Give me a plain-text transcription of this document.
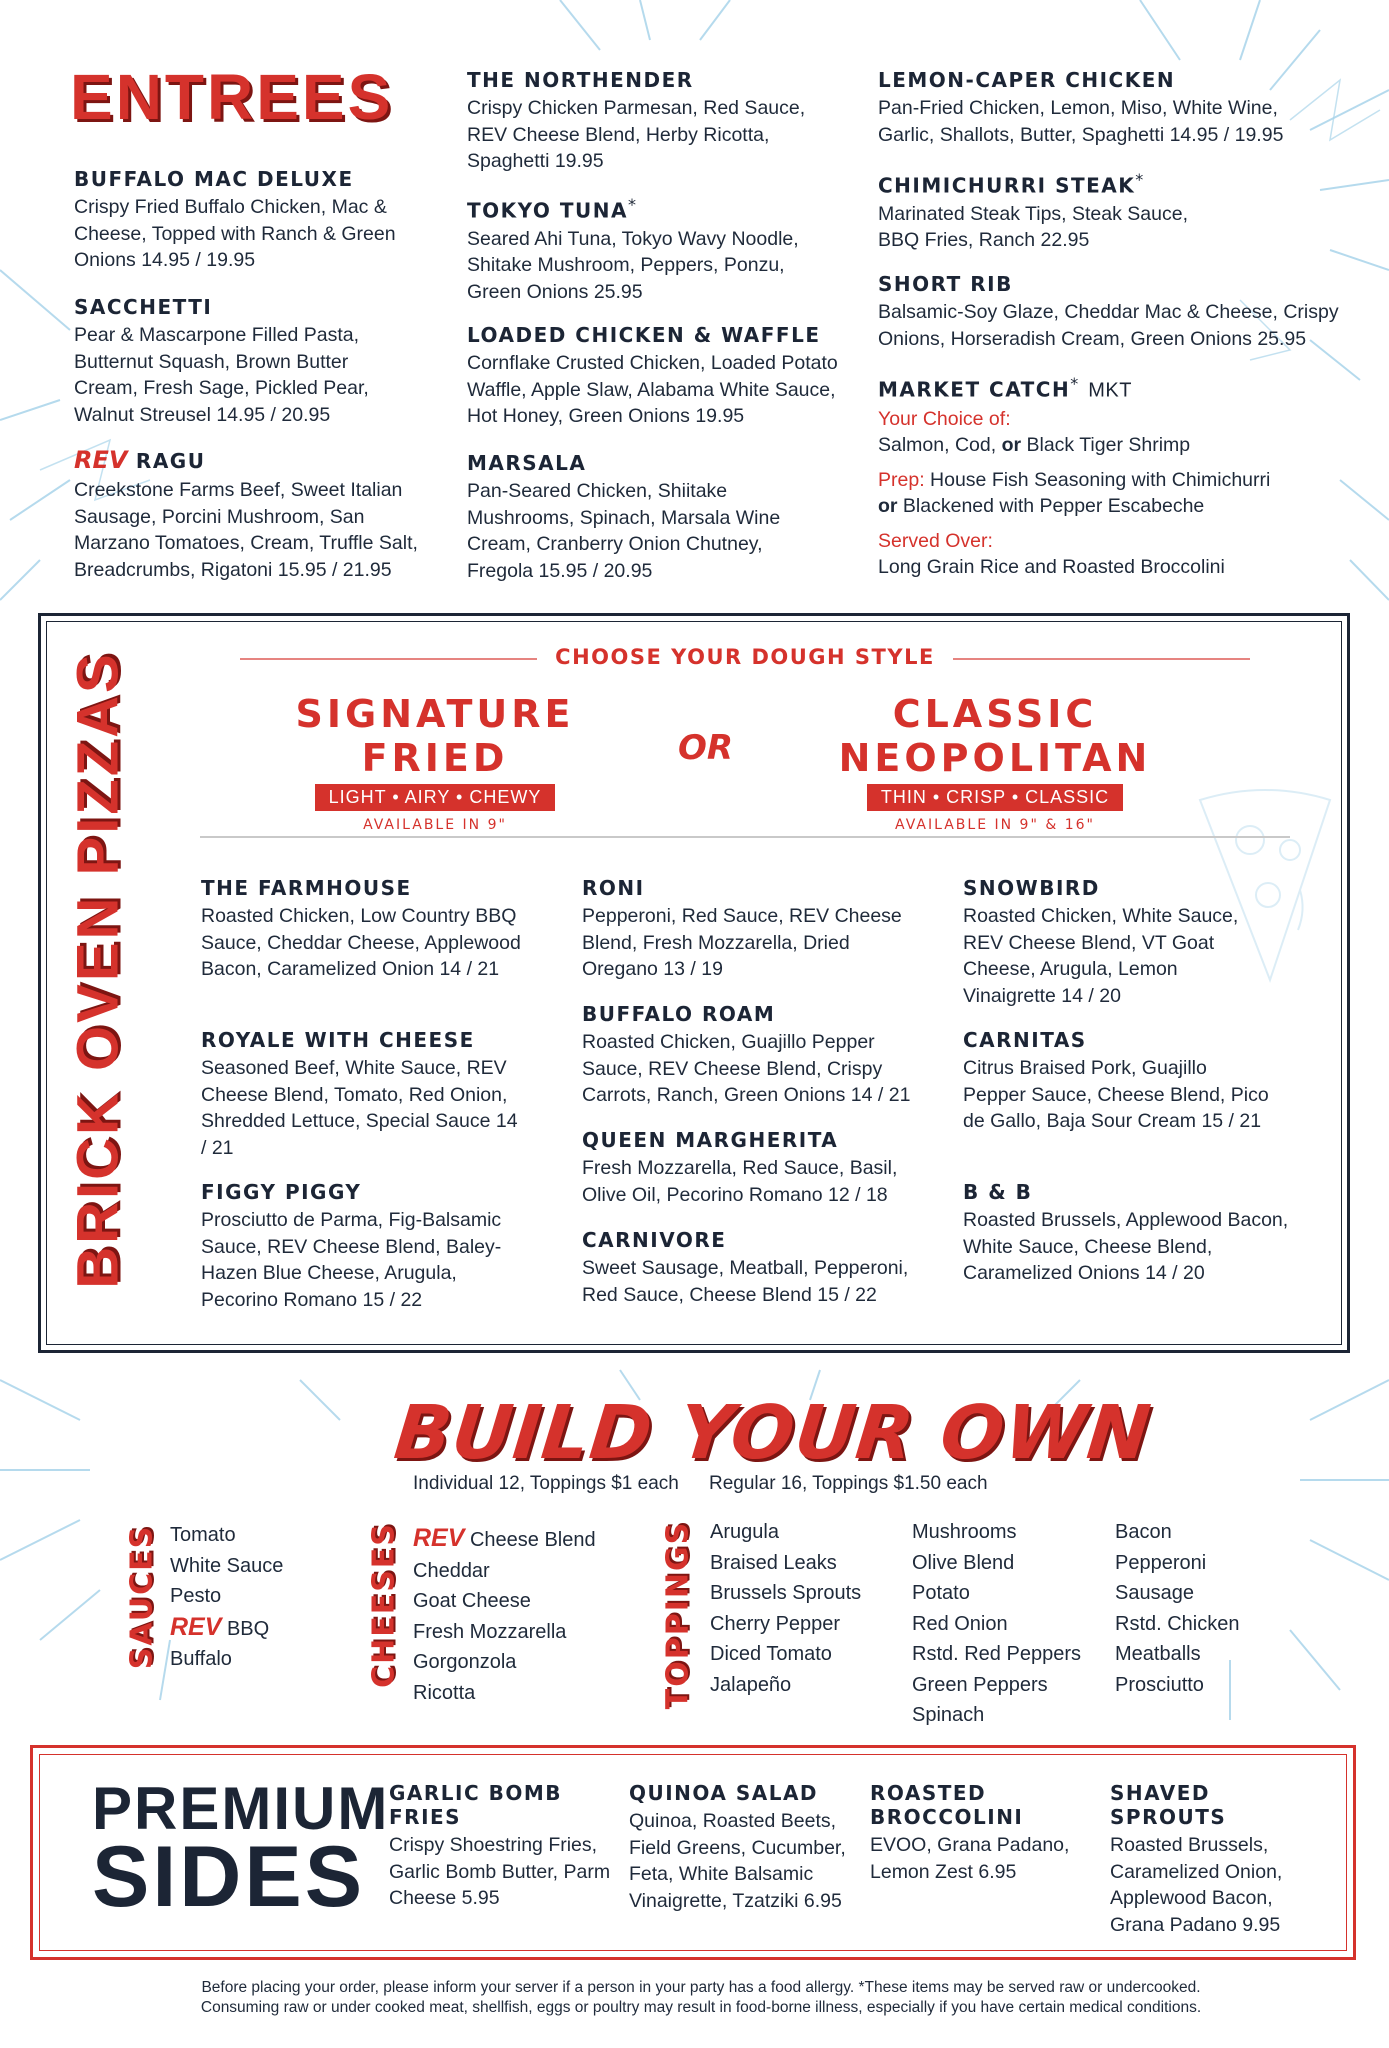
ENTREES
BUFFALO MAC DELUXE
Crispy Fried Buffalo Chicken, Mac & Cheese, Topped with Ranch & Green Onions 14.95 / 19.95
SACCHETTI
Pear & Mascarpone Filled Pasta, Butternut Squash, Brown Butter Cream, Fresh Sage, Pickled Pear, Walnut Streusel 14.95 / 20.95
REV RAGU
Creekstone Farms Beef, Sweet Italian Sausage, Porcini Mushroom, San Marzano Tomatoes, Cream, Truffle Salt, Breadcrumbs, Rigatoni 15.95 / 21.95
THE NORTHENDER
Crispy Chicken Parmesan, Red Sauce, REV Cheese Blend, Herby Ricotta, Spaghetti 19.95
TOKYO TUNA*
Seared Ahi Tuna, Tokyo Wavy Noodle, Shitake Mushroom, Peppers, Ponzu, Green Onions 25.95
LOADED CHICKEN & WAFFLE
Cornflake Crusted Chicken, Loaded Potato Waffle, Apple Slaw, Alabama White Sauce, Hot Honey, Green Onions 19.95
MARSALA
Pan-Seared Chicken, Shiitake Mushrooms, Spinach, Marsala Wine Cream, Cranberry Onion Chutney, Fregola 15.95 / 20.95
LEMON-CAPER CHICKEN
Pan-Fried Chicken, Lemon, Miso, White Wine, Garlic, Shallots, Butter, Spaghetti 14.95 / 19.95
CHIMICHURRI STEAK*
Marinated Steak Tips, Steak Sauce, BBQ Fries, Ranch 22.95
SHORT RIB
Balsamic-Soy Glaze, Cheddar Mac & Cheese, Crispy Onions, Horseradish Cream, Green Onions 25.95
MARKET CATCH* MKT
Your Choice of:
Salmon, Cod, or Black Tiger Shrimp
Prep: House Fish Seasoning with Chimichurri
or Blackened with Pepper Escabeche
Served Over:
Long Grain Rice and Roasted Broccolini
BRICK OVEN PIZZAS	CHOOSE YOUR DOUGH STYLE
SIGNATURE FRIED
LIGHT • AIRY • CHEWY
AVAILABLE IN 9"
OR
CLASSIC NEOPOLITAN
THIN • CRISP • CLASSIC
AVAILABLE IN 9" & 16"
THE FARMHOUSE
Roasted Chicken, Low Country BBQ Sauce, Cheddar Cheese, Applewood Bacon, Caramelized Onion 14 / 21
ROYALE WITH CHEESE
Seasoned Beef, White Sauce, REV Cheese Blend, Tomato, Red Onion, Shredded Lettuce, Special Sauce 14 / 21
FIGGY PIGGY
Prosciutto de Parma, Fig-Balsamic Sauce, REV Cheese Blend, Baley-Hazen Blue Cheese, Arugula, Pecorino Romano 15 / 22
RONI
Pepperoni, Red Sauce, REV Cheese Blend, Fresh Mozzarella, Dried Oregano 13 / 19
BUFFALO ROAM
Roasted Chicken, Guajillo Pepper Sauce, REV Cheese Blend, Crispy Carrots, Ranch, Green Onions 14 / 21
QUEEN MARGHERITA
Fresh Mozzarella, Red Sauce, Basil, Olive Oil, Pecorino Romano 12 / 18
CARNIVORE
Sweet Sausage, Meatball, Pepperoni, Red Sauce, Cheese Blend 15 / 22
SNOWBIRD
Roasted Chicken, White Sauce, REV Cheese Blend, VT Goat Cheese, Arugula, Lemon Vinaigrette 14 / 20
CARNITAS
Citrus Braised Pork, Guajillo Pepper Sauce, Cheese Blend, Pico de Gallo, Baja Sour Cream 15 / 21
B & B
Roasted Brussels, Applewood Bacon, White Sauce, Cheese Blend, Caramelized Onions 14 / 20
BUILD YOUR OWN
Individual 12, Toppings $1 each Regular 16, Toppings $1.50 each
SAUCES Tomato
White Sauce
Pesto
REV BBQ
Buffalo	CHEESES REV Cheese Blend
Cheddar
Goat Cheese
Fresh Mozzarella
Gorgonzola
Ricotta	TOPPINGS Arugula
Braised Leaks
Brussels Sprouts
Cherry Pepper
Diced Tomato
Jalapeño
Mushrooms
Olive Blend
Potato
Red Onion
Rstd. Red Peppers
Green Peppers
Spinach
Bacon
Pepperoni
Sausage
Rstd. Chicken
Meatballs
Prosciutto
PREMIUM
SIDES
GARLIC BOMB FRIES
Crispy Shoestring Fries, Garlic Bomb Butter, Parm Cheese 5.95
QUINOA SALAD
Quinoa, Roasted Beets, Field Greens, Cucumber, Feta, White Balsamic Vinaigrette, Tzatziki 6.95
ROASTED BROCCOLINI
EVOO, Grana Padano, Lemon Zest 6.95
SHAVED SPROUTS
Roasted Brussels, Caramelized Onion, Applewood Bacon, Grana Padano 9.95
Before placing your order, please inform your server if a person in your party has a food allergy. *These items may be served raw or undercooked.
Consuming raw or under cooked meat, shellfish, eggs or poultry may result in food-borne illness, especially if you have certain medical conditions.
